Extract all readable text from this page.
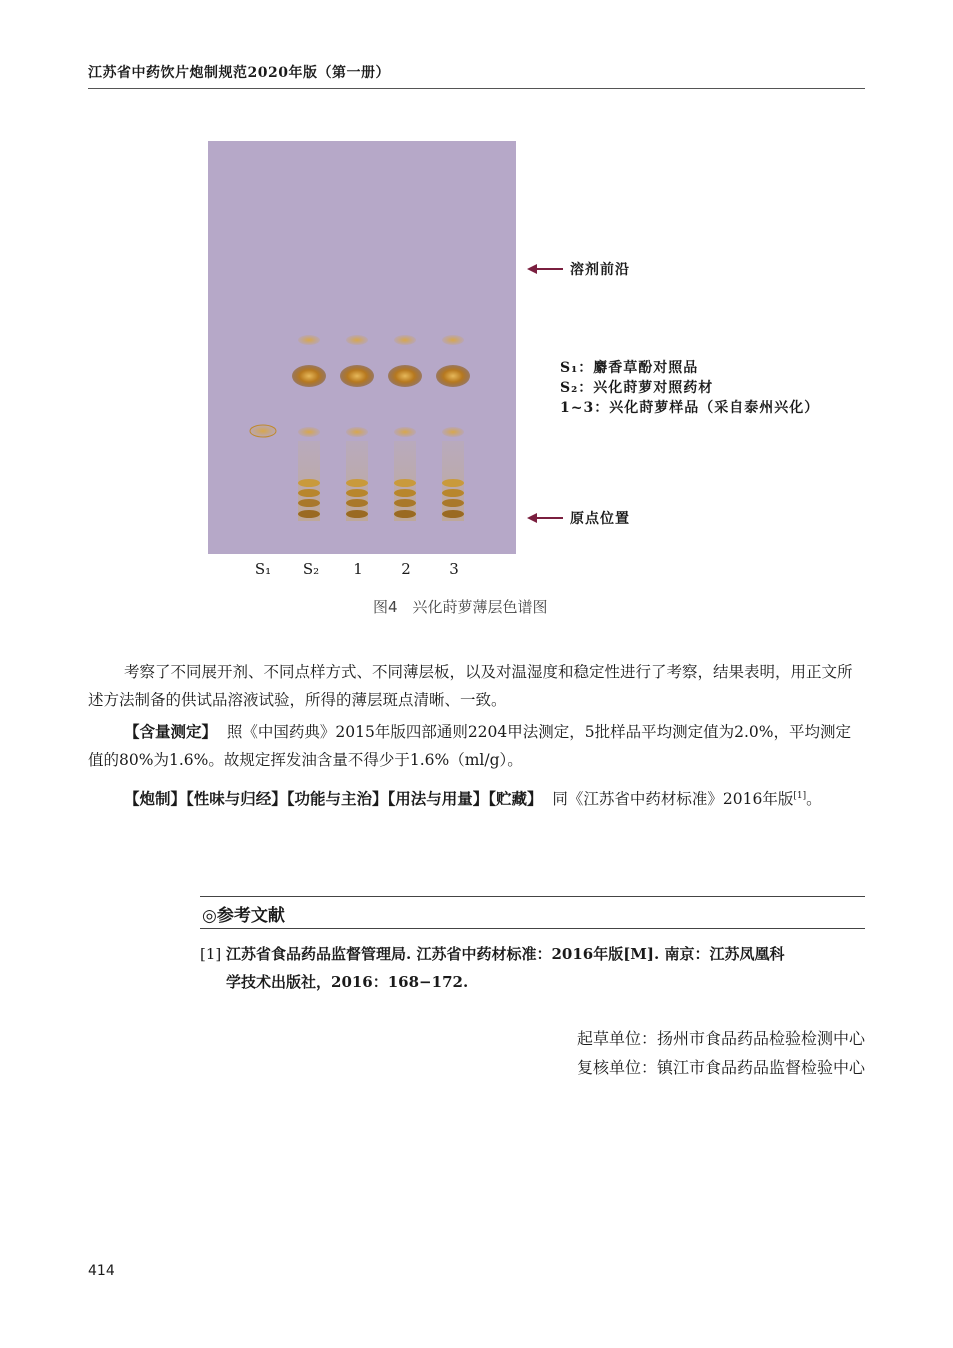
江苏省中药饮片炮制规范2020年版（第一册）
S₁	S₂	1	2	3
溶剂前沿
原点位置
S₁：麝香草酚对照品
S₂：兴化莳萝对照药材
1~3：兴化莳萝样品（采自泰州兴化）
图4　兴化莳萝薄层色谱图
考察了不同展开剂、不同点样方式、不同薄层板，以及对温湿度和稳定性进行了考察，结果表明，用正文所述方法制备的供试品溶液试验，所得的薄层斑点清晰、一致。
【含量测定】 照《中国药典》2015年版四部通则2204甲法测定，5批样品平均测定值为2.0%，平均测定值的80%为1.6%。故规定挥发油含量不得少于1.6%（ml/g）。
【炮制】【性味与归经】【功能与主治】【用法与用量】【贮藏】 同《江苏省中药材标准》2016年版[1]。
◎参考文献
[1] 江苏省食品药品监督管理局. 江苏省中药材标准：2016年版[M]. 南京：江苏凤凰科
学技术出版社，2016：168−172.
起草单位：扬州市食品药品检验检测中心
复核单位：镇江市食品药品监督检验中心
414
